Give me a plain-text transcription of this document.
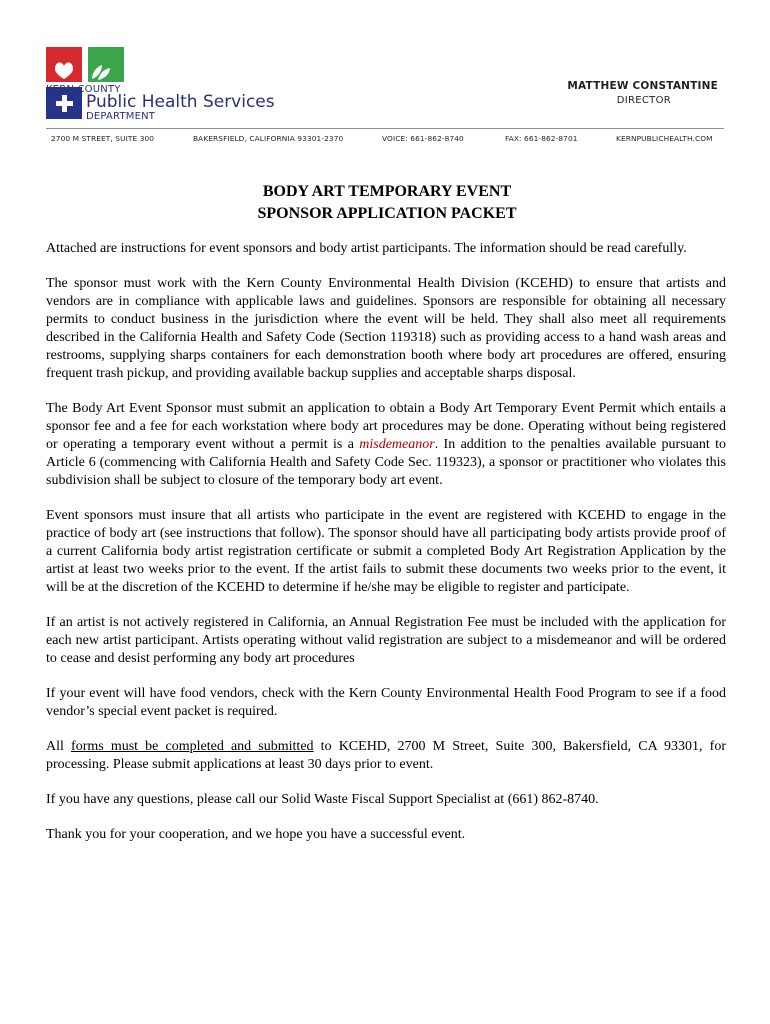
KERN COUNTY

Public Health Services

DEPARTMENT

MATTHEW CONSTANTINE
DIRECTOR
2700 M STREET, SUITE 300	BAKERSFIELD, CALIFORNIA 93301-2370	VOICE: 661-862-8740	FAX: 661-862-8701	KERNPUBLICHEALTH.COM
BODY ART TEMPORARY EVENT
SPONSOR APPLICATION PACKET

Attached are instructions for event sponsors and body artist participants. The information should be read carefully.

The sponsor must work with the Kern County Environmental Health Division (KCEHD) to ensure that artists and vendors are in compliance with applicable laws and guidelines. Sponsors are responsible for obtaining all necessary permits to conduct business in the jurisdiction where the event will be held. They shall also meet all requirements described in the California Health and Safety Code (Section 119318) such as providing access to a hand wash areas and restrooms, supplying sharps containers for each demonstration booth where body art procedures are offered, ensuring frequent trash pickup, and providing available backup supplies and acceptable sharps disposal.

The Body Art Event Sponsor must submit an application to obtain a Body Art Temporary Event Permit which entails a sponsor fee and a fee for each workstation where body art procedures may be done. Operating without being registered or operating a temporary event without a permit is a misdemeanor. In addition to the penalties available pursuant to Article 6 (commencing with California Health and Safety Code Sec. 119323), a sponsor or practitioner who violates this subdivision shall be subject to closure of the temporary body art event.

Event sponsors must insure that all artists who participate in the event are registered with KCEHD to engage in the practice of body art (see instructions that follow). The sponsor should have all participating body artists provide proof of a current California body artist registration certificate or submit a completed Body Art Registration Application by the artist at least two weeks prior to the event. If the artist fails to submit these documents two weeks prior to the event, it will be at the discretion of the KCEHD to determine if he/she may be eligible to register and participate.

If an artist is not actively registered in California, an Annual Registration Fee must be included with the application for each new artist participant. Artists operating without valid registration are subject to a misdemeanor and will be ordered to cease and desist performing any body art procedures

If your event will have food vendors, check with the Kern County Environmental Health Food Program to see if a food vendor’s special event packet is required.

All forms must be completed and submitted to KCEHD, 2700 M Street, Suite 300, Bakersfield, CA 93301, for processing. Please submit applications at least 30 days prior to event.

If you have any questions, please call our Solid Waste Fiscal Support Specialist at (661) 862-8740.

Thank you for your cooperation, and we hope you have a successful event.
